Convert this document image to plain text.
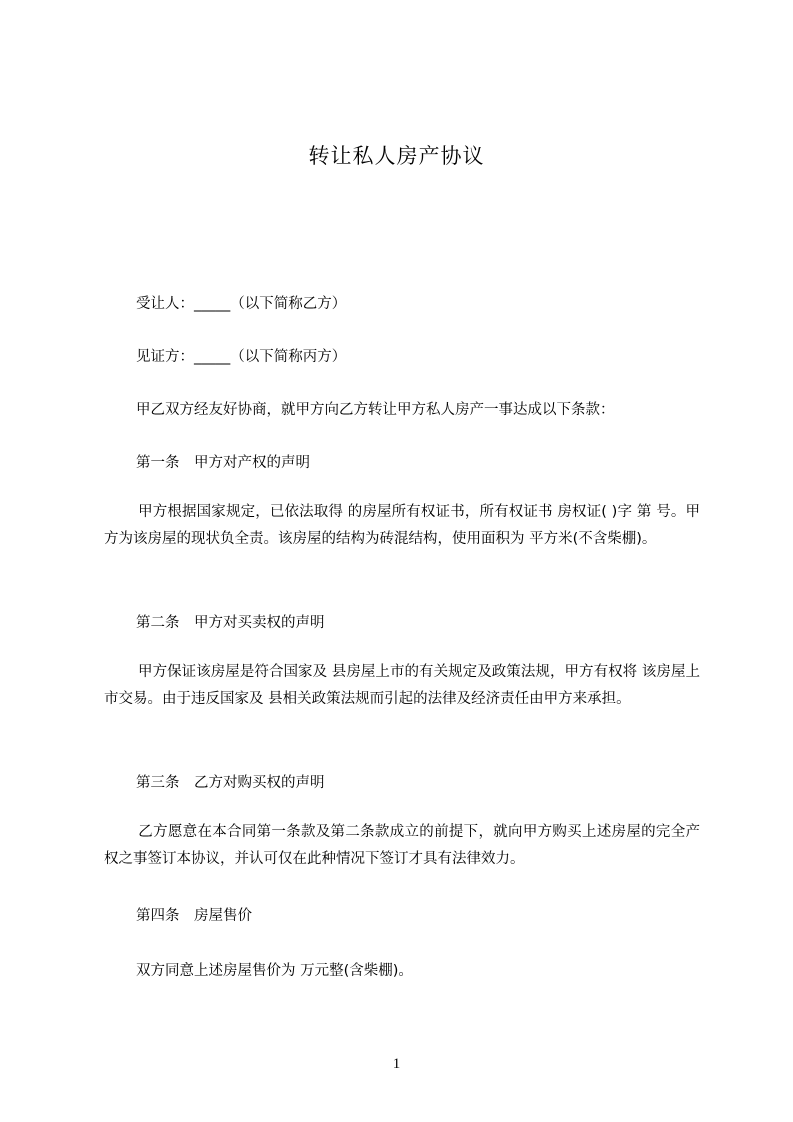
转让私人房产协议

受让人：_____（以下简称乙方）

见证方：_____（以下简称丙方）

甲乙双方经友好协商，就甲方向乙方转让甲方私人房产一事达成以下条款：

第一条　甲方对产权的声明

甲方根据国家规定，已依法取得 的房屋所有权证书，所有权证书 房权证( )字 第 号。甲方为该房屋的现状负全责。该房屋的结构为砖混结构，使用面积为 平方米(不含柴棚)。

第二条　甲方对买卖权的声明

甲方保证该房屋是符合国家及 县房屋上市的有关规定及政策法规，甲方有权将 该房屋上市交易。由于违反国家及 县相关政策法规而引起的法律及经济责任由甲方来承担。

第三条　乙方对购买权的声明

乙方愿意在本合同第一条款及第二条款成立的前提下，就向甲方购买上述房屋的完全产权之事签订本协议，并认可仅在此种情况下签订才具有法律效力。

第四条　房屋售价

双方同意上述房屋售价为 万元整(含柴棚)。

1
